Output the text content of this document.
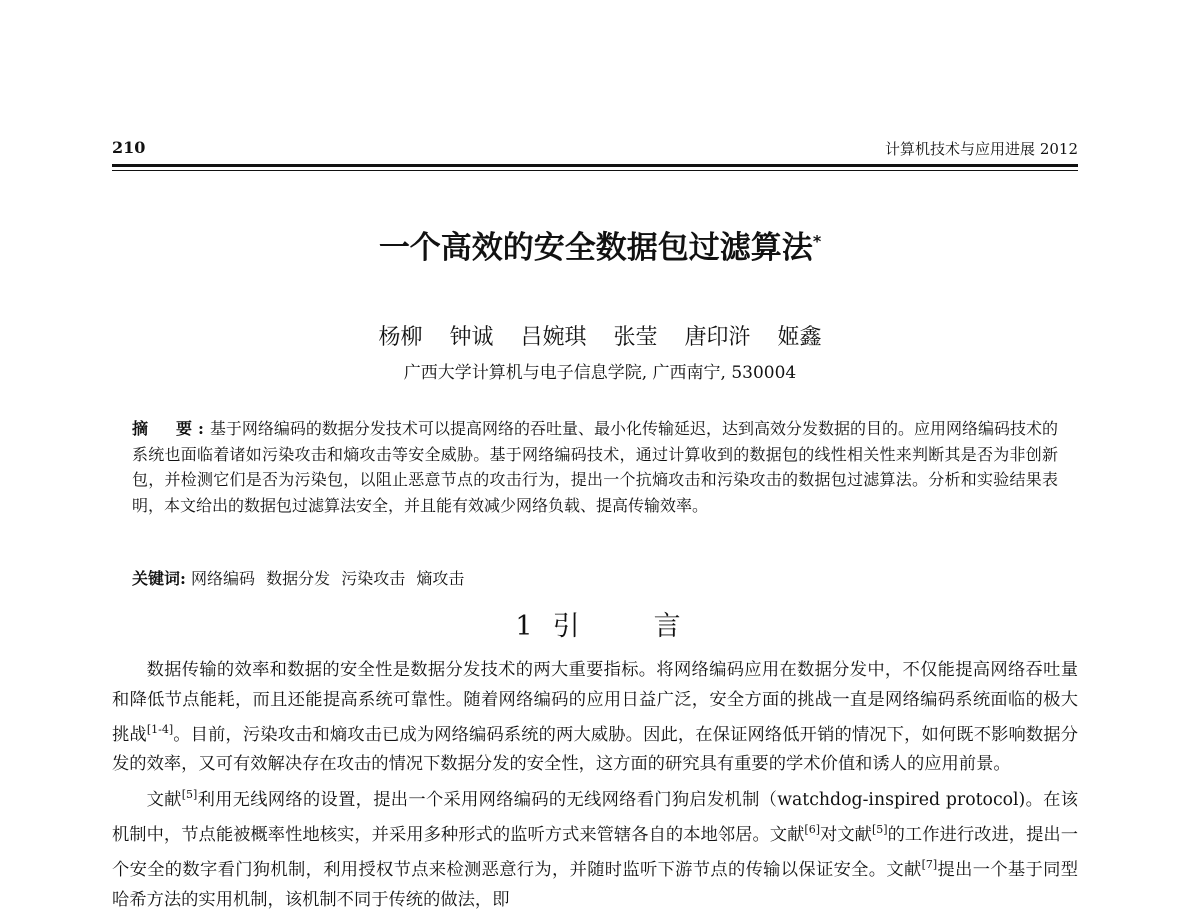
210	计算机技术与应用进展 2012
一个高效的安全数据包过滤算法*
杨柳 钟诚 吕婉琪 张莹 唐印浒 姬鑫
广西大学计算机与电子信息学院, 广西南宁, 530004
摘　要:基于网络编码的数据分发技术可以提高网络的吞吐量、最小化传输延迟，达到高效分发数据的目的。应用网络编码技术的系统也面临着诸如污染攻击和熵攻击等安全威胁。基于网络编码技术，通过计算收到的数据包的线性相关性来判断其是否为非创新包，并检测它们是否为污染包，以阻止恶意节点的攻击行为，提出一个抗熵攻击和污染攻击的数据包过滤算法。分析和实验结果表明，本文给出的数据包过滤算法安全，并且能有效减少网络负载、提高传输效率。
关键词: 网络编码 数据分发 污染攻击 熵攻击
1 引	言

数据传输的效率和数据的安全性是数据分发技术的两大重要指标。将网络编码应用在数据分发中，不仅能提高网络吞吐量和降低节点能耗，而且还能提高系统可靠性。随着网络编码的应用日益广泛，安全方面的挑战一直是网络编码系统面临的极大挑战[1-4]。目前，污染攻击和熵攻击已成为网络编码系统的两大威胁。因此，在保证网络低开销的情况下，如何既不影响数据分发的效率，又可有效解决存在攻击的情况下数据分发的安全性，这方面的研究具有重要的学术价值和诱人的应用前景。

文献[5]利用无线网络的设置，提出一个采用网络编码的无线网络看门狗启发机制（watchdog-inspired protocol)。在该机制中，节点能被概率性地核实，并采用多种形式的监听方式来管辖各自的本地邻居。文献[6]对文献[5]的工作进行改进，提出一个安全的数字看门狗机制，利用授权节点来检测恶意行为，并随时监听下游节点的传输以保证安全。文献[7]提出一个基于同型哈希方法的实用机制，该机制不同于传统的做法，即
